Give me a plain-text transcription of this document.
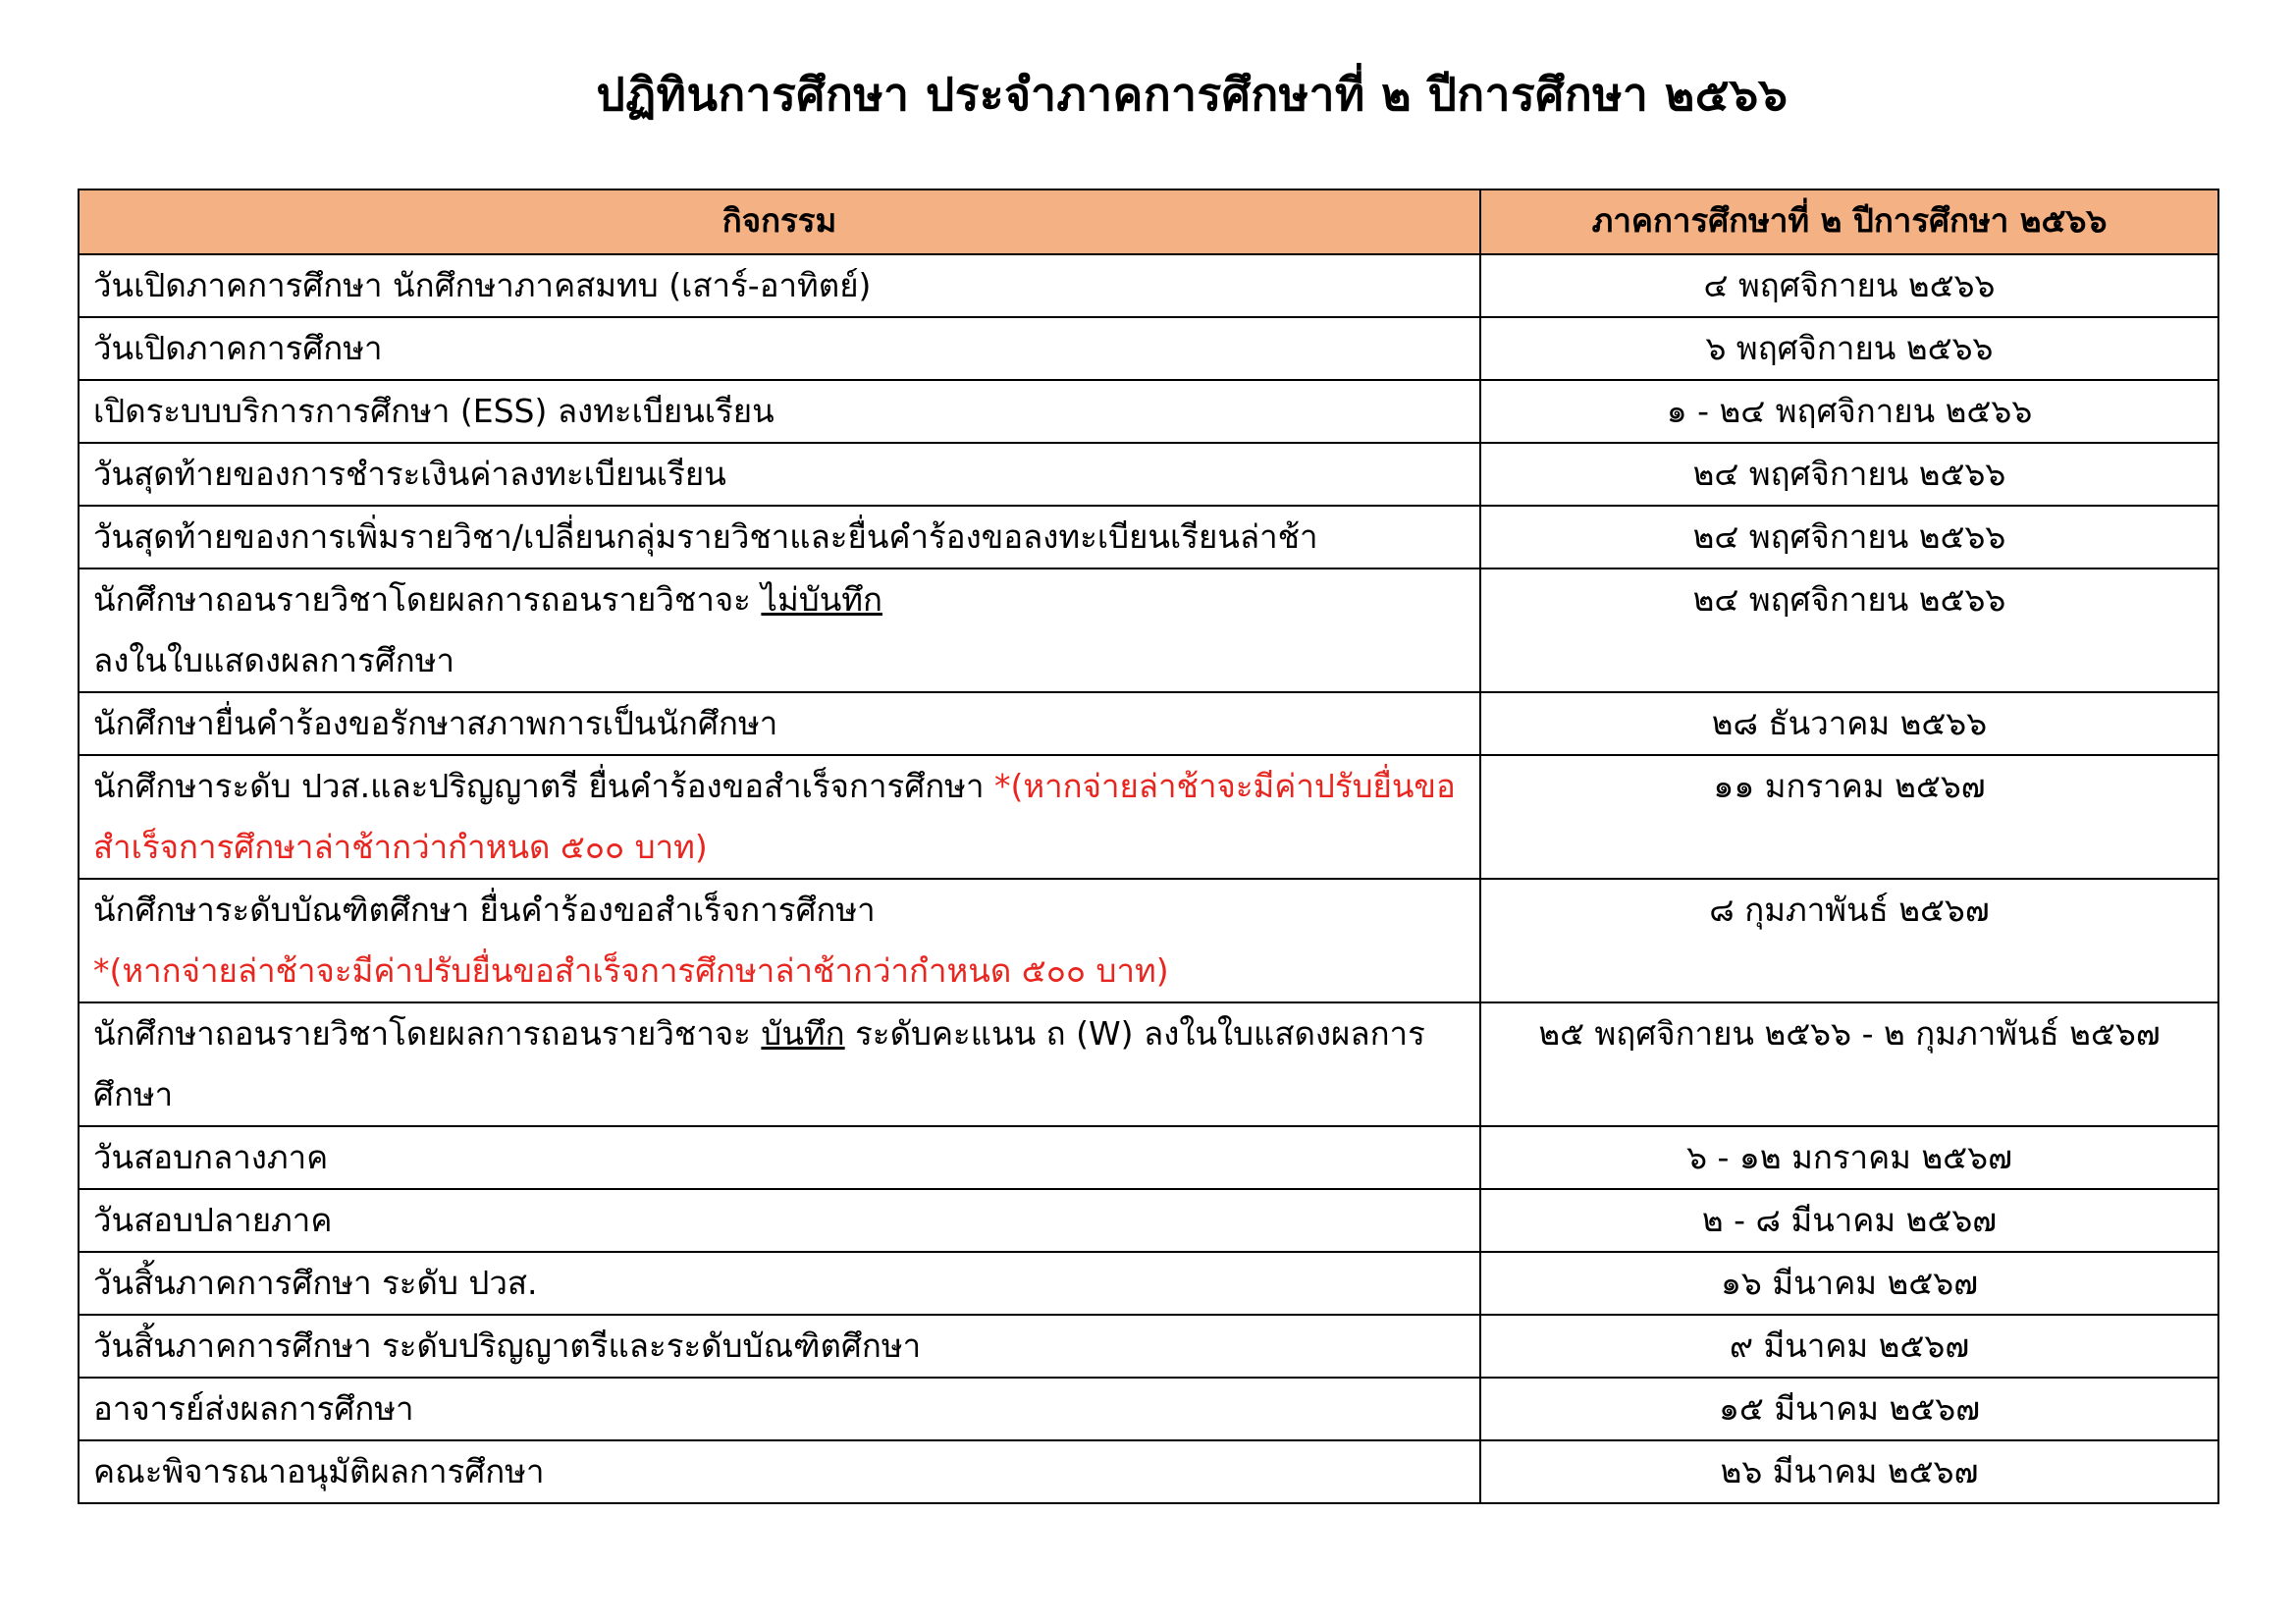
ปฏิทินการศึกษา ประจำภาคการศึกษาที่ ๒ ปีการศึกษา ๒๕๖๖
กิจกรรม	ภาคการศึกษาที่ ๒ ปีการศึกษา ๒๕๖๖
วันเปิดภาคการศึกษา นักศึกษาภาคสมทบ (เสาร์-อาทิตย์)	๔ พฤศจิกายน ๒๕๖๖
วันเปิดภาคการศึกษา	๖ พฤศจิกายน ๒๕๖๖
เปิดระบบบริการการศึกษา (ESS) ลงทะเบียนเรียน	๑ - ๒๔ พฤศจิกายน ๒๕๖๖
วันสุดท้ายของการชำระเงินค่าลงทะเบียนเรียน	๒๔ พฤศจิกายน ๒๕๖๖
วันสุดท้ายของการเพิ่มรายวิชา/เปลี่ยนกลุ่มรายวิชาและยื่นคำร้องขอลงทะเบียนเรียนล่าช้า	๒๔ พฤศจิกายน ๒๕๖๖
นักศึกษาถอนรายวิชาโดยผลการถอนรายวิชาจะ ไม่บันทึก
ลงในใบแสดงผลการศึกษา	๒๔ พฤศจิกายน ๒๕๖๖
นักศึกษายื่นคำร้องขอรักษาสภาพการเป็นนักศึกษา	๒๘ ธันวาคม ๒๕๖๖
นักศึกษาระดับ ปวส.และปริญญาตรี ยื่นคำร้องขอสำเร็จการศึกษา *(หากจ่ายล่าช้าจะมีค่าปรับยื่นขอสำเร็จการศึกษาล่าช้ากว่ากำหนด ๕๐๐ บาท)	๑๑ มกราคม ๒๕๖๗
นักศึกษาระดับบัณฑิตศึกษา ยื่นคำร้องขอสำเร็จการศึกษา
*(หากจ่ายล่าช้าจะมีค่าปรับยื่นขอสำเร็จการศึกษาล่าช้ากว่ากำหนด ๕๐๐ บาท)	๘ กุมภาพันธ์ ๒๕๖๗
นักศึกษาถอนรายวิชาโดยผลการถอนรายวิชาจะ บันทึก ระดับคะแนน ถ (W) ลงในใบแสดงผลการศึกษา	๒๕ พฤศจิกายน ๒๕๖๖ - ๒ กุมภาพันธ์ ๒๕๖๗
วันสอบกลางภาค	๖ - ๑๒ มกราคม ๒๕๖๗
วันสอบปลายภาค	๒ - ๘ มีนาคม ๒๕๖๗
วันสิ้นภาคการศึกษา ระดับ ปวส.	๑๖ มีนาคม ๒๕๖๗
วันสิ้นภาคการศึกษา ระดับปริญญาตรีและระดับบัณฑิตศึกษา	๙ มีนาคม ๒๕๖๗
อาจารย์ส่งผลการศึกษา	๑๕ มีนาคม ๒๕๖๗
คณะพิจารณาอนุมัติผลการศึกษา	๒๖ มีนาคม ๒๕๖๗
